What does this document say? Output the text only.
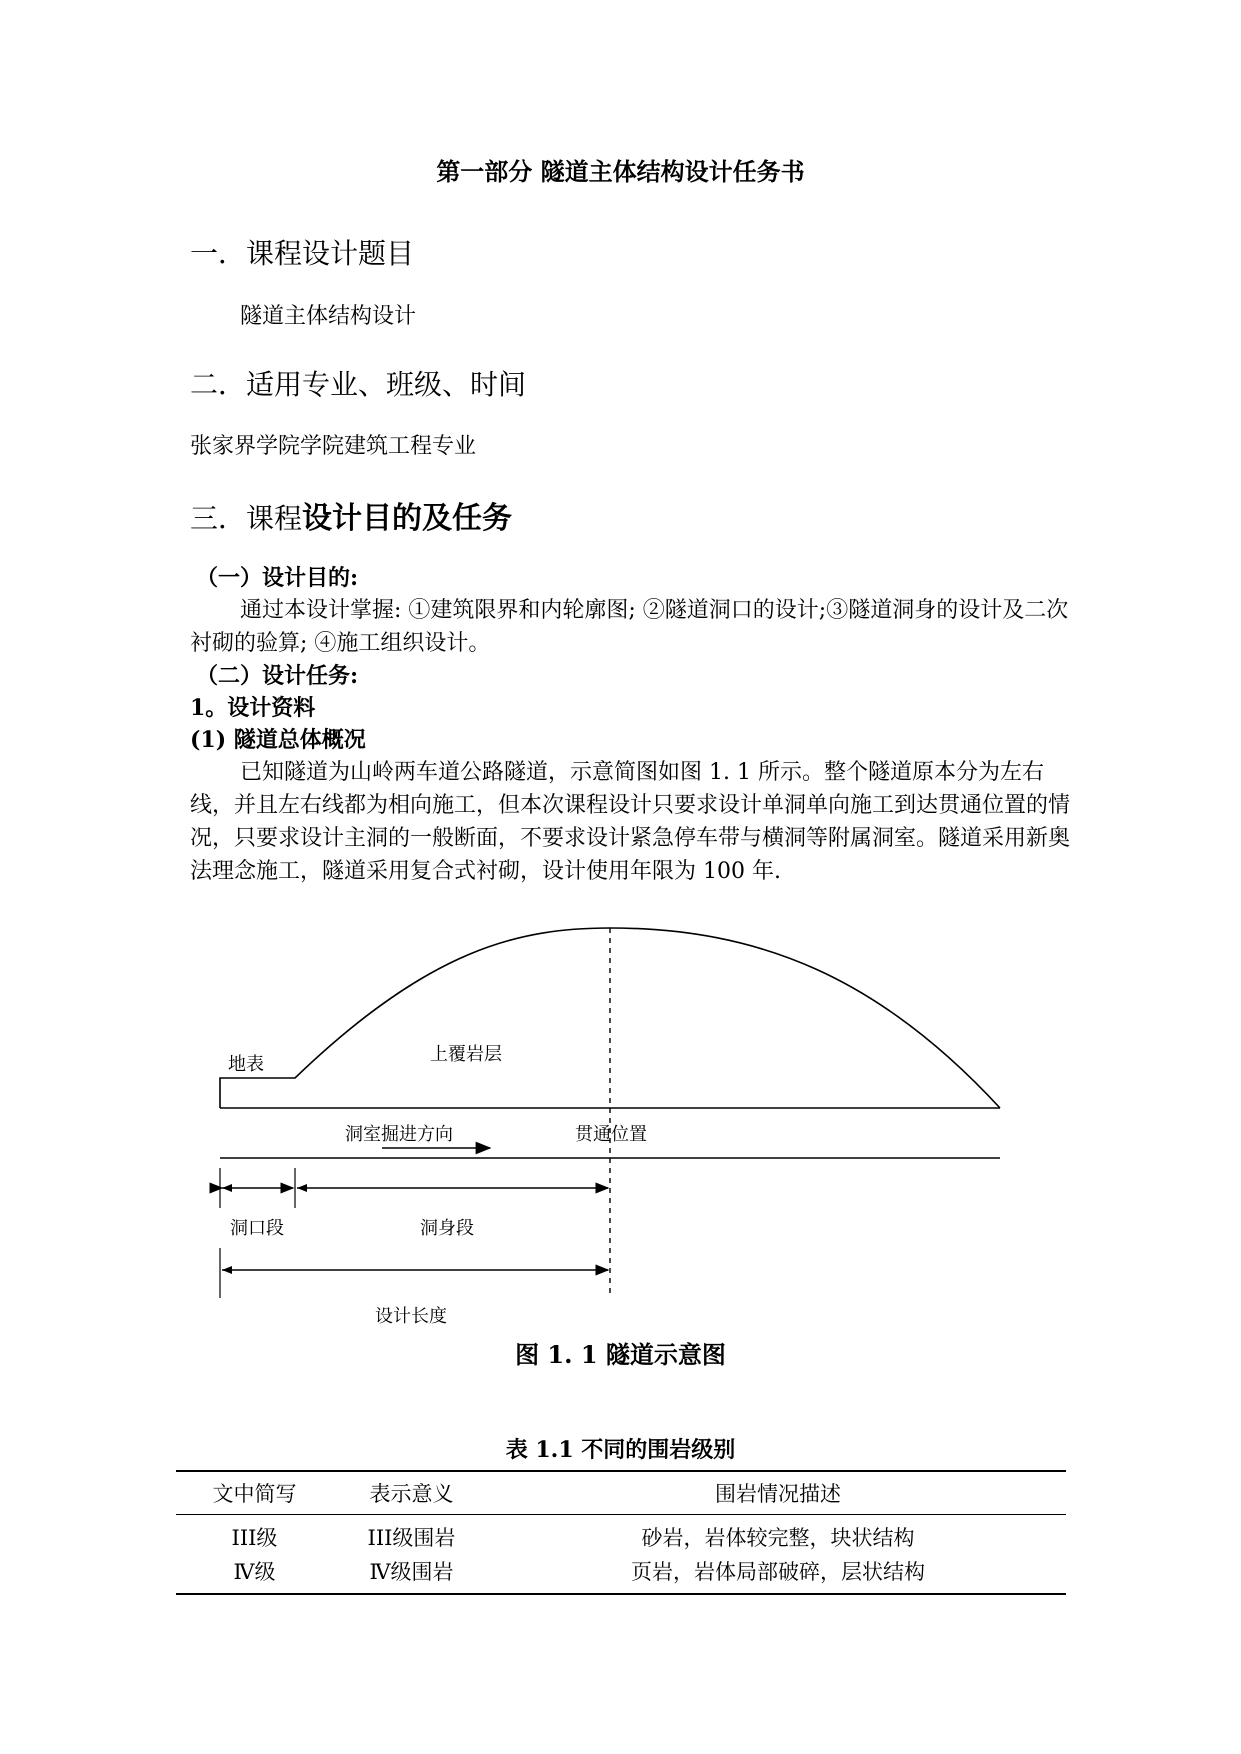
第一部分 隧道主体结构设计任务书
一．课程设计题目
隧道主体结构设计
二．适用专业、班级、时间
张家界学院学院建筑工程专业
三．课程设计目的及任务
（一）设计目的:
通过本设计掌握: ①建筑限界和内轮廓图; ②隧道洞口的设计;③隧道洞身的设计及二次衬砌的验算; ④施工组织设计。
（二）设计任务:
1。设计资料
(1) 隧道总体概况
已知隧道为山岭两车道公路隧道，示意简图如图 1. 1 所示。整个隧道原本分为左右线，并且左右线都为相向施工，但本次课程设计只要求设计单洞单向施工到达贯通位置的情况，只要求设计主洞的一般断面，不要求设计紧急停车带与横洞等附属洞室。隧道采用新奥法理念施工，隧道采用复合式衬砌，设计使用年限为 100 年.
地表	上覆岩层
洞室掘进方向	贯通位置
洞口段	洞身段
设计长度
图 1. 1 隧道示意图
表 1.1 不同的围岩级别
文中简写	表示意义	围岩情况描述
III级	III级围岩	砂岩，岩体较完整，块状结构
Ⅳ级	Ⅳ级围岩	页岩，岩体局部破碎，层状结构
